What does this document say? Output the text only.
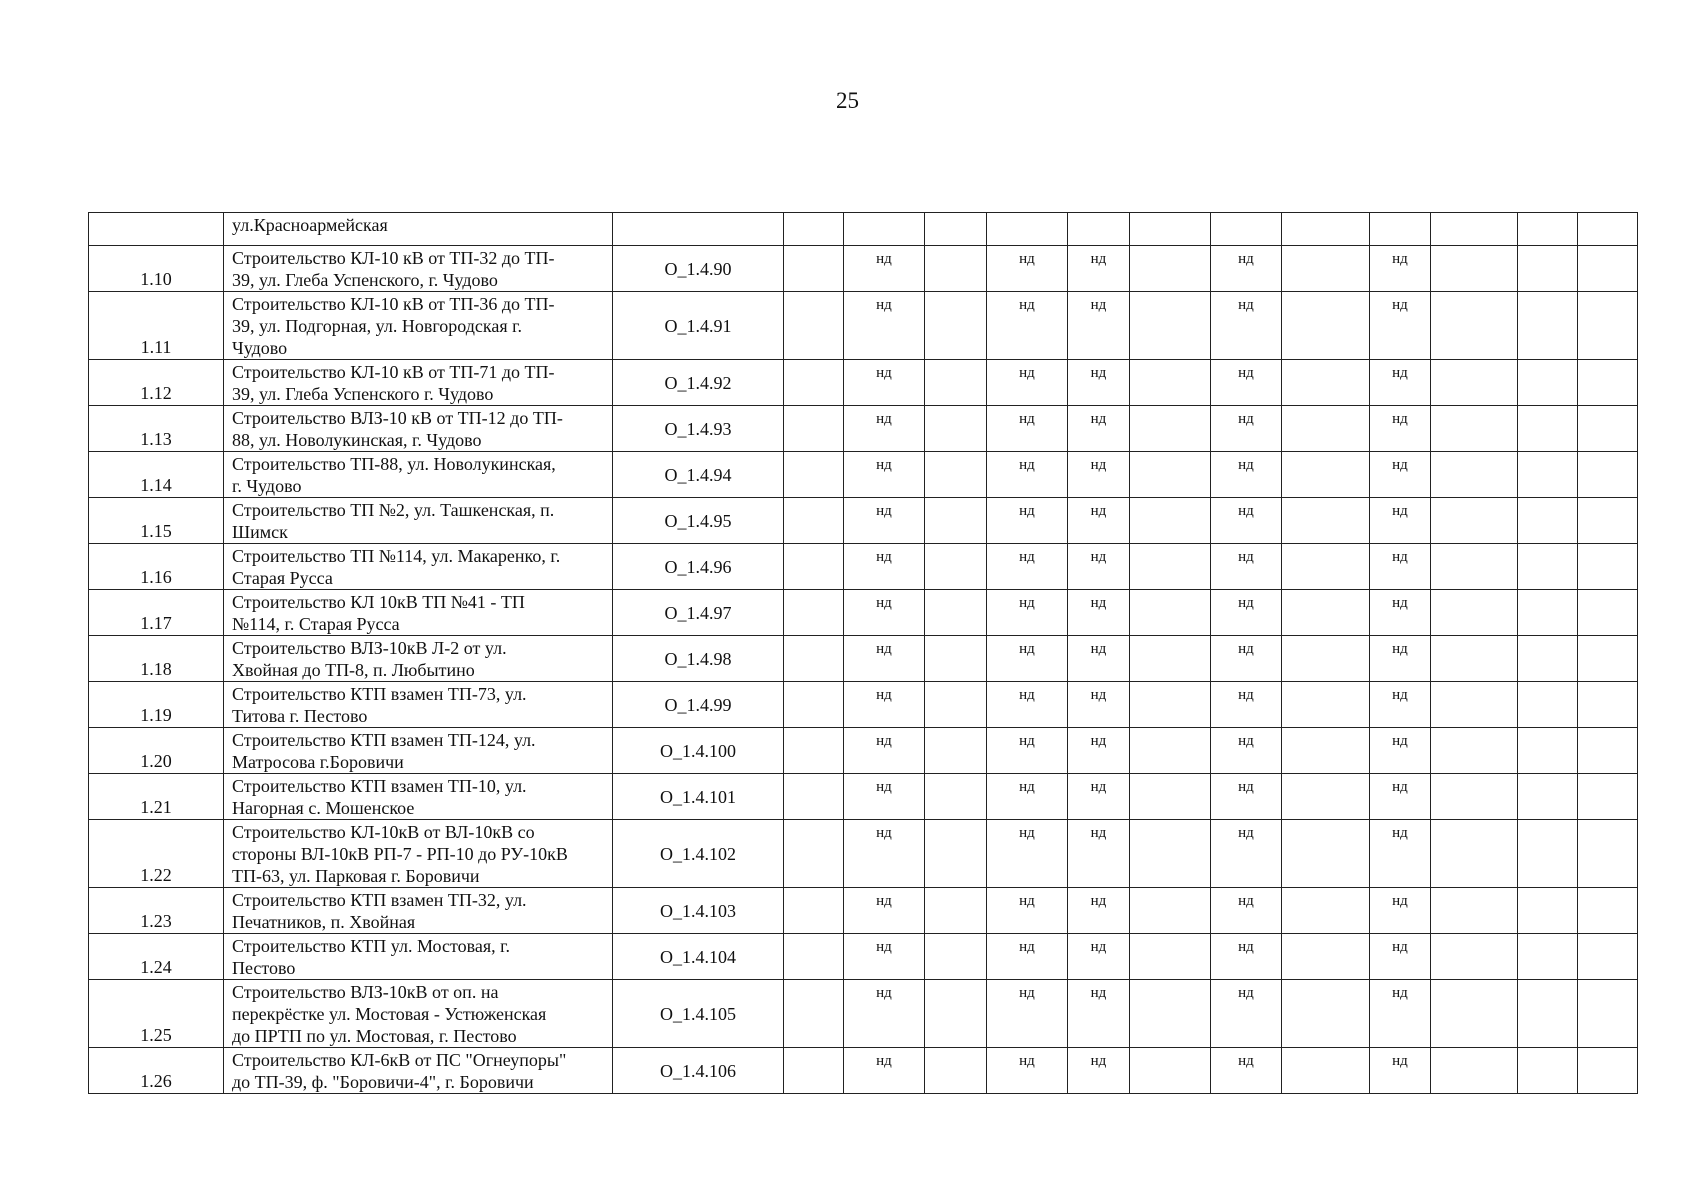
25
	ул.Красноармейская													
1.10	Строительство КЛ-10 кВ от ТП-32 до ТП-
39, ул. Глеба Успенского, г. Чудово	О_1.4.90		нд		нд	нд		нд		нд			
1.11	Строительство КЛ-10 кВ от ТП-36 до ТП-
39, ул. Подгорная, ул. Новгородская г.
Чудово	О_1.4.91		нд		нд	нд		нд		нд			
1.12	Строительство КЛ-10 кВ от ТП-71 до ТП-
39, ул. Глеба Успенского г. Чудово	О_1.4.92		нд		нд	нд		нд		нд			
1.13	Строительство ВЛЗ-10 кВ от ТП-12 до ТП-
88, ул. Новолукинская, г. Чудово	О_1.4.93		нд		нд	нд		нд		нд			
1.14	Строительство ТП-88, ул. Новолукинская,
г. Чудово	О_1.4.94		нд		нд	нд		нд		нд			
1.15	Строительство ТП №2, ул. Ташкенская, п.
Шимск	О_1.4.95		нд		нд	нд		нд		нд			
1.16	Строительство ТП №114, ул. Макаренко, г.
Старая Русса	О_1.4.96		нд		нд	нд		нд		нд			
1.17	Строительство КЛ 10кВ ТП №41 - ТП
№114, г. Старая Русса	О_1.4.97		нд		нд	нд		нд		нд			
1.18	Строительство ВЛЗ-10кВ Л-2 от ул.
Хвойная до ТП-8, п. Любытино	О_1.4.98		нд		нд	нд		нд		нд			
1.19	Строительство КТП взамен ТП-73, ул.
Титова г. Пестово	О_1.4.99		нд		нд	нд		нд		нд			
1.20	Строительство КТП взамен ТП-124, ул.
Матросова г.Боровичи	О_1.4.100		нд		нд	нд		нд		нд			
1.21	Строительство КТП взамен ТП-10, ул.
Нагорная с. Мошенское	О_1.4.101		нд		нд	нд		нд		нд			
1.22	Строительство КЛ-10кВ от ВЛ-10кВ со
стороны ВЛ-10кВ РП-7 - РП-10 до РУ-10кВ
ТП-63, ул. Парковая г. Боровичи	О_1.4.102		нд		нд	нд		нд		нд			
1.23	Строительство КТП взамен ТП-32, ул.
Печатников, п. Хвойная	О_1.4.103		нд		нд	нд		нд		нд			
1.24	Строительство КТП ул. Мостовая, г.
Пестово	О_1.4.104		нд		нд	нд		нд		нд			
1.25	Строительство ВЛЗ-10кВ от оп. на
перекрёстке ул. Мостовая - Устюженская
до ПРТП по ул. Мостовая, г. Пестово	О_1.4.105		нд		нд	нд		нд		нд			
1.26	Строительство КЛ-6кВ от ПС "Огнеупоры"
до ТП-39, ф. "Боровичи-4", г. Боровичи	О_1.4.106		нд		нд	нд		нд		нд			
